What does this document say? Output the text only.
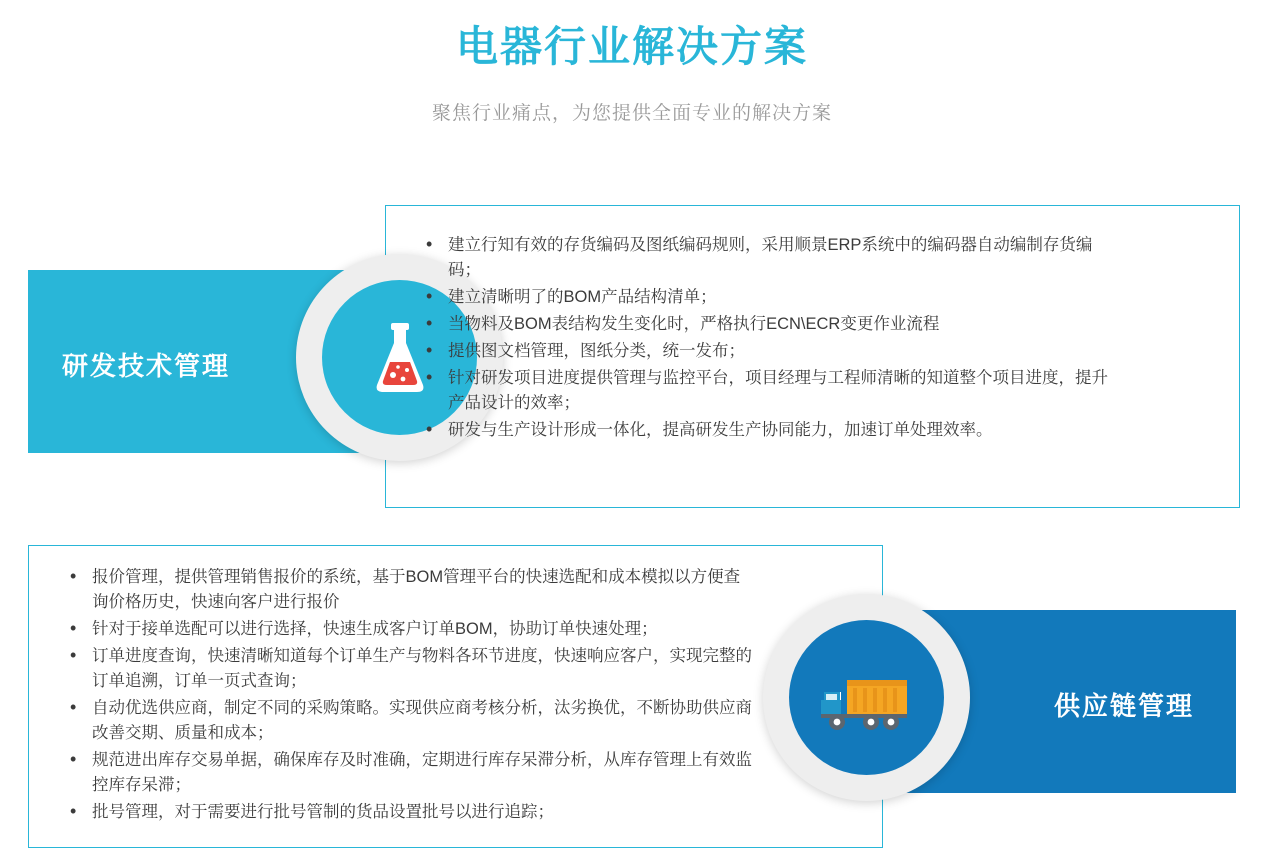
电器行业解决方案
聚焦行业痛点，为您提供全面专业的解决方案
研发技术管理
• 建立行知有效的存货编码及图纸编码规则，采用顺景ERP系统中的编码器自动编制存货编码；
• 建立清晰明了的BOM产品结构清单；
• 当物料及BOM表结构发生变化时，严格执行ECN\ECR变更作业流程
• 提供图文档管理，图纸分类，统一发布；
• 针对研发项目进度提供管理与监控平台，项目经理与工程师清晰的知道整个项目进度，提升产品设计的效率；
• 研发与生产设计形成一体化，提高研发生产协同能力，加速订单处理效率。
供应链管理
• 报价管理，提供管理销售报价的系统，基于BOM管理平台的快速选配和成本模拟以方便查询价格历史，快速向客户进行报价
• 针对于接单选配可以进行选择，快速生成客户订单BOM，协助订单快速处理；
• 订单进度查询，快速清晰知道每个订单生产与物料各环节进度，快速响应客户，实现完整的订单追溯，订单一页式查询；
• 自动优选供应商，制定不同的采购策略。实现供应商考核分析，汰劣换优，不断协助供应商改善交期、质量和成本；
• 规范进出库存交易单据，确保库存及时准确，定期进行库存呆滞分析，从库存管理上有效监控库存呆滞；
• 批号管理，对于需要进行批号管制的货品设置批号以进行追踪；
